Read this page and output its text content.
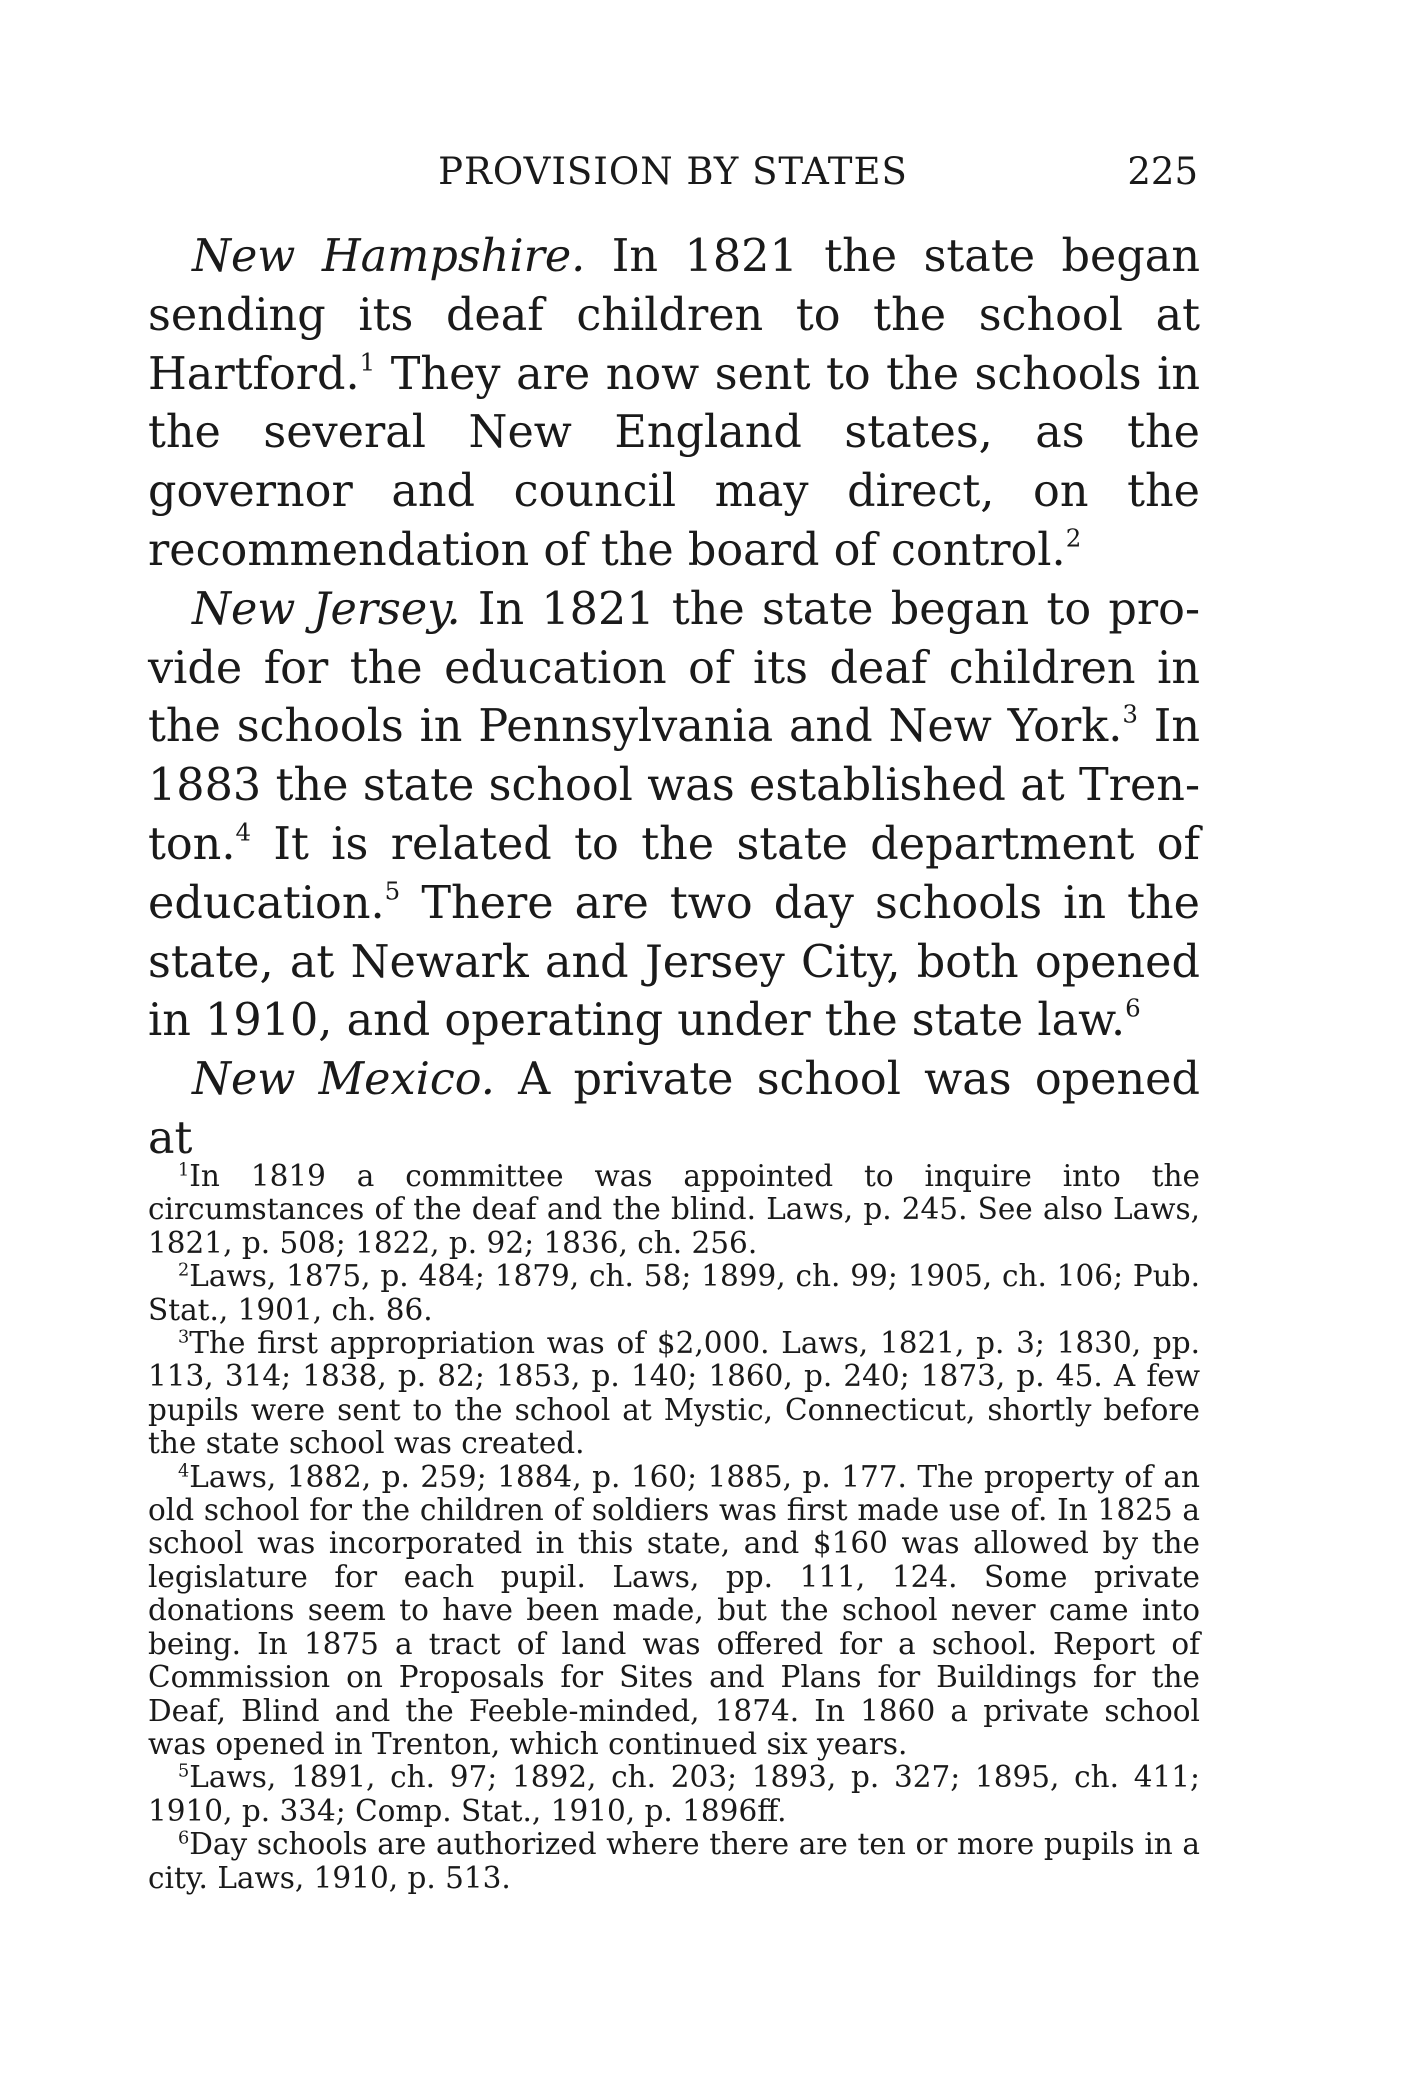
PROVISION BY STATES	225

New Hampshire. In 1821 the state began sending its deaf children to the school at Hartford.$^1$ They are now sent to the schools in the several New England states, as the governor and council may direct, on the recommendation of the board of control.$^2$

New Jersey. In 1821 the state began to provide for the education of its deaf children in the schools in Pennsylvania and New York.$^3$ In 1883 the state school was established at Trenton.$^4$ It is related to the state department of education.$^5$ There are two day schools in the state, at Newark and Jersey City, both opened in 1910, and operating under the state law.$^6$

New Mexico. A private school was opened at

$^1$In 1819 a committee was appointed to inquire into the circumstances of the deaf and the blind. Laws, p. 245. See also Laws, 1821, p. 508; 1822, p. 92; 1836, ch. 256.

$^2$Laws, 1875, p. 484; 1879, ch. 58; 1899, ch. 99; 1905, ch. 106; Pub. Stat., 1901, ch. 86.

$^3$The first appropriation was of $2,000. Laws, 1821, p. 3; 1830, pp. 113, 314; 1838, p. 82; 1853, p. 140; 1860, p. 240; 1873, p. 45. A few pupils were sent to the school at Mystic, Connecticut, shortly before the state school was created.

$^4$Laws, 1882, p. 259; 1884, p. 160; 1885, p. 177. The property of an old school for the children of soldiers was first made use of. In 1825 a school was incorporated in this state, and $160 was allowed by the legislature for each pupil. Laws, pp. 111, 124. Some private donations seem to have been made, but the school never came into being. In 1875 a tract of land was offered for a school. Report of Commission on Proposals for Sites and Plans for Buildings for the Deaf, Blind and the Feeble-minded, 1874. In 1860 a private school was opened in Trenton, which continued six years.

$^5$Laws, 1891, ch. 97; 1892, ch. 203; 1893, p. 327; 1895, ch. 411; 1910, p. 334; Comp. Stat., 1910, p. 1896ff.

$^6$Day schools are authorized where there are ten or more pupils in a city. Laws, 1910, p. 513.
